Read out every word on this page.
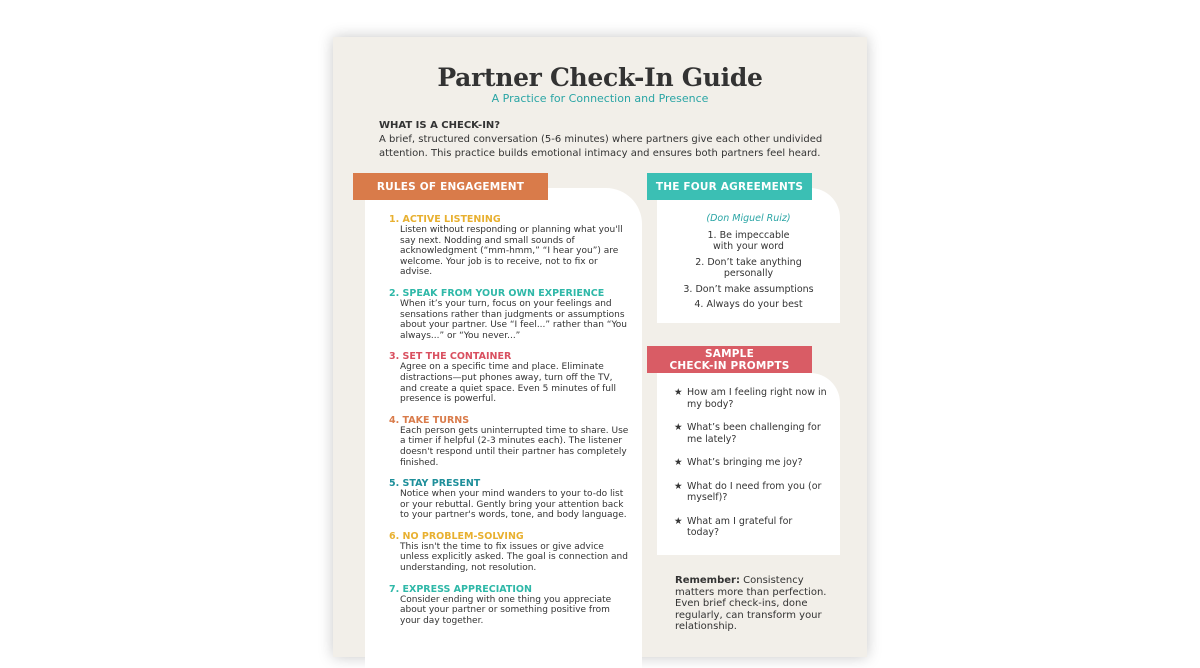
Partner Check-In Guide
A Practice for Connection and Presence
WHAT IS A CHECK-IN?
A brief, structured conversation (5-6 minutes) where partners give each other undivided attention. This practice builds emotional intimacy and ensures both partners feel heard.
RULES OF ENGAGEMENT
1. ACTIVE LISTENING
Listen without responding or planning what you'll say next. Nodding and small sounds of acknowledgment (“mm-hmm,” “I hear you”) are welcome. Your job is to receive, not to fix or advise.
2. SPEAK FROM YOUR OWN EXPERIENCE
When it’s your turn, focus on your feelings and sensations rather than judgments or assumptions about your partner. Use “I feel...” rather than “You always...” or “You never...”
3. SET THE CONTAINER
Agree on a specific time and place. Eliminate distractions—put phones away, turn off the TV, and create a quiet space. Even 5 minutes of full presence is powerful.
4. TAKE TURNS
Each person gets uninterrupted time to share. Use a timer if helpful (2-3 minutes each). The listener doesn't respond until their partner has completely finished.
5. STAY PRESENT
Notice when your mind wanders to your to-do list or your rebuttal. Gently bring your attention back to your partner's words, tone, and body language.
6. NO PROBLEM-SOLVING
This isn't the time to fix issues or give advice unless explicitly asked. The goal is connection and understanding, not resolution.
7. EXPRESS APPRECIATION
Consider ending with one thing you appreciate about your partner or something positive from your day together.
THE FOUR AGREEMENTS
(Don Miguel Ruiz)
1. Be impeccable with your word
2. Don’t take anything personally
3. Don’t make assumptions
4. Always do your best
SAMPLE
CHECK-IN PROMPTS
★ How am I feeling right now in my body?
★ What’s been challenging for me lately?
★ What’s bringing me joy?
★ What do I need from you (or myself)?
★ What am I grateful for today?
Remember: Consistency matters more than perfection. Even brief check-ins, done regularly, can transform your relationship.
